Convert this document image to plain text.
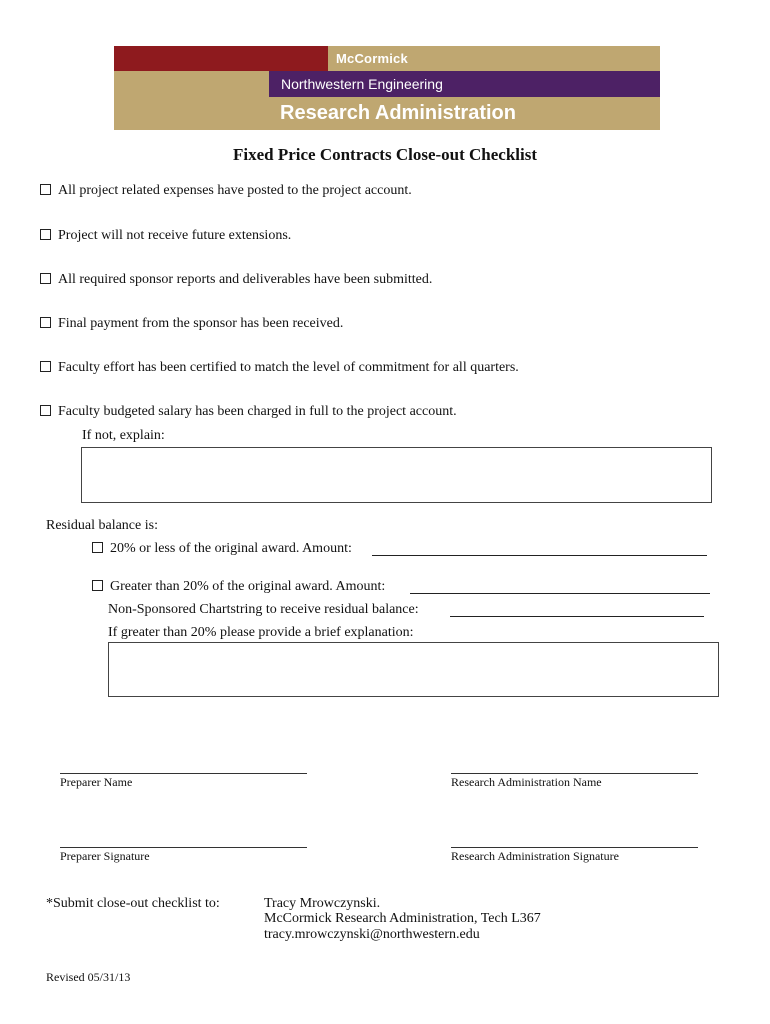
McCormick
Northwestern Engineering
Research Administration
Fixed Price Contracts Close-out Checklist
All project related expenses have posted to the project account.
Project will not receive future extensions.
All required sponsor reports and deliverables have been submitted.
Final payment from the sponsor has been received.
Faculty effort has been certified to match the level of commitment for all quarters.
Faculty budgeted salary has been charged in full to the project account.
If not, explain:
Residual balance is:
20% or less of the original award. Amount:
Greater than 20% of the original award. Amount:
Non-Sponsored Chartstring to receive residual balance:
If greater than 20% please provide a brief explanation:
Preparer Name	Research Administration Name
Preparer Signature	Research Administration Signature
*Submit close-out checklist to:	Tracy Mrowczynski.
McCormick Research Administration, Tech L367
tracy.mrowczynski@northwestern.edu
Revised 05/31/13
